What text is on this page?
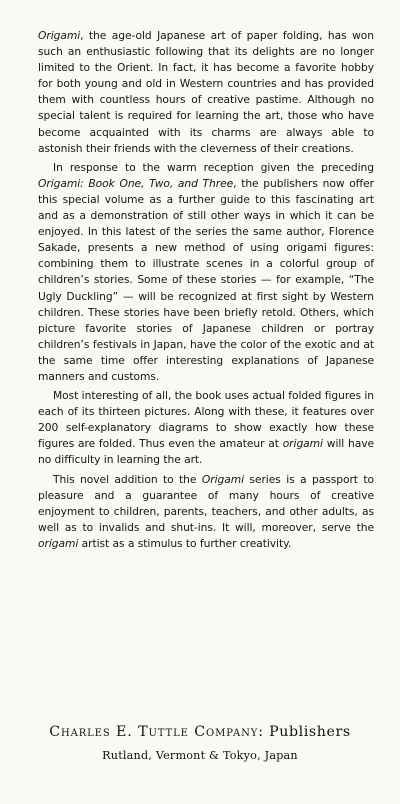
Origami, the age-old Japanese art of paper folding, has won such an enthusiastic following that its delights are no longer limited to the Orient. In fact, it has become a favorite hobby for both young and old in Western countries and has provided them with countless hours of creative pastime. Although no special talent is required for learning the art, those who have become acquainted with its charms are always able to astonish their friends with the cleverness of their creations.

In response to the warm reception given the preceding Origami: Book One, Two, and Three, the publishers now offer this special volume as a further guide to this fascinating art and as a demonstration of still other ways in which it can be enjoyed. In this latest of the series the same author, Florence Sakade, presents a new method of using origami figures: combining them to illustrate scenes in a colorful group of children’s stories. Some of these stories — for example, “The Ugly Duckling” — will be recognized at first sight by Western children. These stories have been briefly retold. Others, which picture favorite stories of Japanese children or portray children’s festivals in Japan, have the color of the exotic and at the same time offer interesting explanations of Japanese manners and customs.

Most interesting of all, the book uses actual folded figures in each of its thirteen pictures. Along with these, it features over 200 self-explanatory diagrams to show exactly how these figures are folded. Thus even the amateur at origami will have no difficulty in learning the art.

This novel addition to the Origami series is a passport to pleasure and a guarantee of many hours of creative enjoyment to children, parents, teachers, and other adults, as well as to invalids and shut-ins. It will, moreover, serve the origami artist as a stimulus to further creativity.

Charles E. Tuttle Company: Publishers
Rutland, Vermont & Tokyo, Japan
